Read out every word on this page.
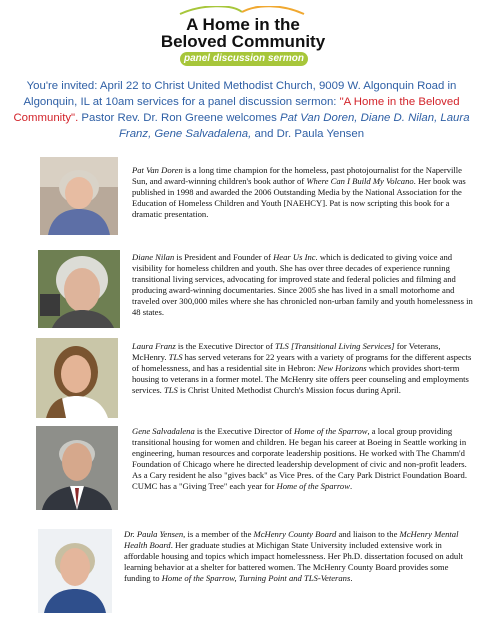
A Home in the
Beloved Community
panel discussion sermon
You're invited: April 22 to Christ United Methodist Church, 9009 W. Algonquin Road in Algonquin, IL at 10am services for a panel discussion sermon: "A Home in the Beloved Community". Pastor Rev. Dr. Ron Greene welcomes Pat Van Doren, Diane D. Nilan, Laura Franz, Gene Salvadalena, and Dr. Paula Yensen
Pat Van Doren is a long time champion for the homeless, past photojournalist for the Naperville Sun, and award-winning children's book author of Where Can I Build My Volcano. Her book was published in 1998 and awarded the 2006 Outstanding Media by the National Association for the Education of Homeless Children and Youth [NAEHCY]. Pat is now scripting this book for a dramatic presentation.
Diane Nilan is President and Founder of Hear Us Inc. which is dedicated to giving voice and visibility for homeless children and youth. She has over three decades of experience running transitional living services, advocating for improved state and federal policies and filming and producing award-winning documentaries. Since 2005 she has lived in a small motorhome and traveled over 300,000 miles where she has chronicled non-urban family and youth homelessness in 48 states.
Laura Franz is the Executive Director of TLS [Transitional Living Services] for Veterans, McHenry. TLS has served veterans for 22 years with a variety of programs for the different aspects of homelessness, and has a residential site in Hebron: New Horizons which provides short-term housing to veterans in a former motel. The McHenry site offers peer counseling and employments services. TLS is Christ United Methodist Church's Mission focus during April.
Gene Salvadalena is the Executive Director of Home of the Sparrow, a local group providing transitional housing for women and children. He began his career at Boeing in Seattle working in engineering, human resources and corporate leadership positions. He worked with The Chamm'd Foundation of Chicago where he directed leadership development of civic and non-profit leaders. As a Cary resident he also "gives back" as Vice Pres. of the Cary Park District Foundation Board. CUMC has a "Giving Tree" each year for Home of the Sparrow.
Dr. Paula Yensen, is a member of the McHenry County Board and liaison to the McHenry Mental Health Board. Her graduate studies at Michigan State University included extensive work in affordable housing and topics which impact homelessness. Her Ph.D. dissertation focused on adult learning behavior at a shelter for battered women. The McHenry County Board provides some funding to Home of the Sparrow, Turning Point and TLS-Veterans.
